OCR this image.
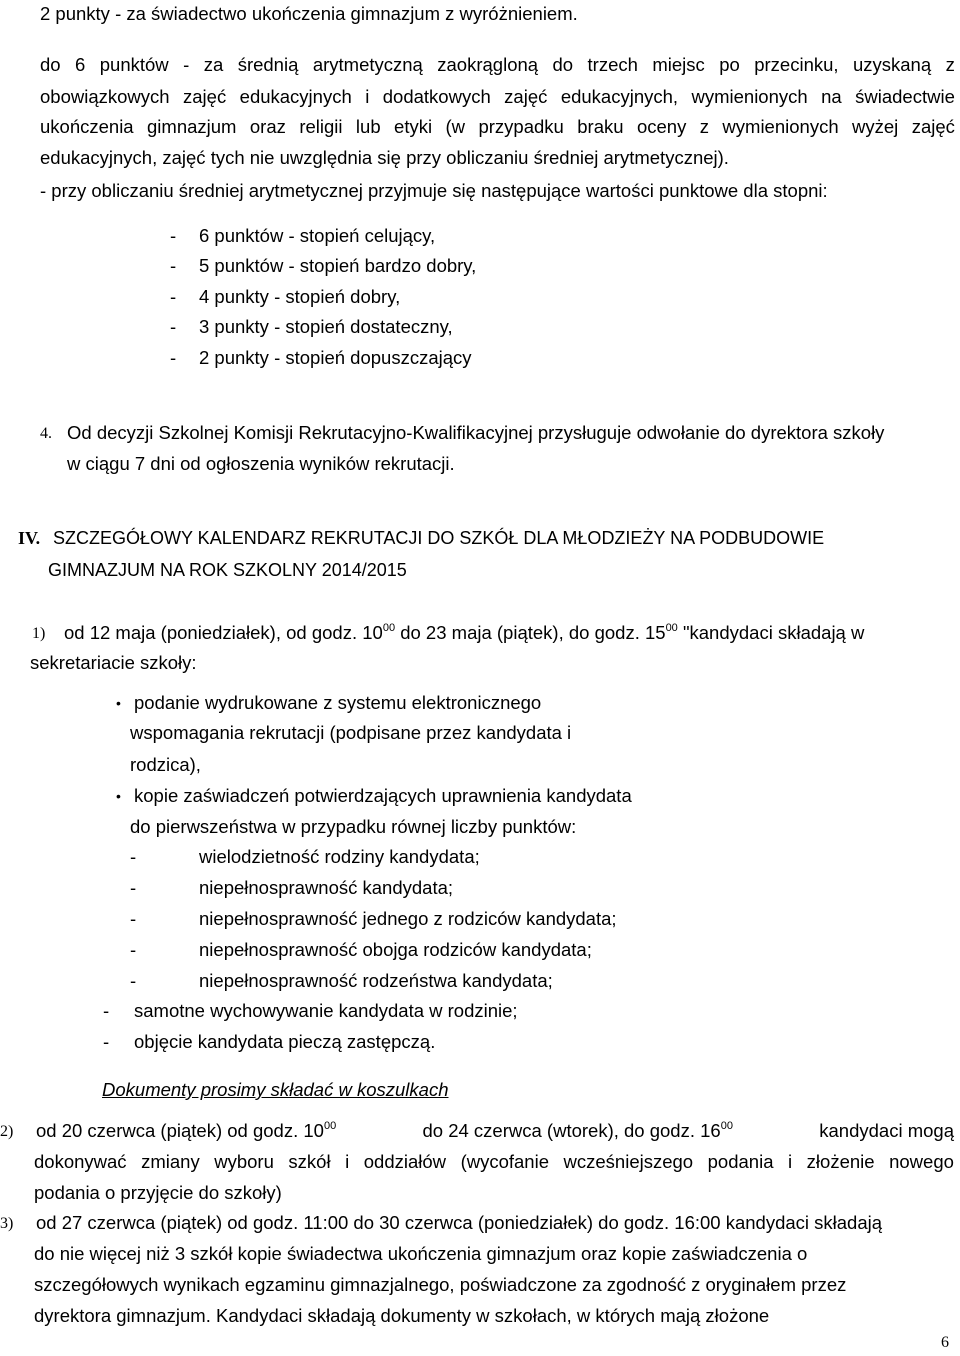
2 punkty - za świadectwo ukończenia gimnazjum z wyróżnieniem.
do 6 punktów - za średnią arytmetyczną zaokrągloną do trzech miejsc po przecinku, uzyskaną z
obowiązkowych zajęć edukacyjnych i dodatkowych zajęć edukacyjnych, wymienionych na świadectwie
ukończenia gimnazjum oraz religii lub etyki (w przypadku braku oceny z wymienionych wyżej zajęć
edukacyjnych, zajęć tych nie uwzględnia się przy obliczaniu średniej arytmetycznej).
- przy obliczaniu średniej arytmetycznej przyjmuje się następujące wartości punktowe dla stopni:
- 6 punktów - stopień celujący,
- 5 punktów - stopień bardzo dobry,
- 4 punkty - stopień dobry,
- 3 punkty - stopień dostateczny,
- 2 punkty - stopień dopuszczający
4. Od decyzji Szkolnej Komisji Rekrutacyjno-Kwalifikacyjnej przysługuje odwołanie do dyrektora szkoły
w ciągu 7 dni od ogłoszenia wyników rekrutacji.
IV. SZCZEGÓŁOWY KALENDARZ REKRUTACJI DO SZKÓŁ DLA MŁODZIEŻY NA PODBUDOWIE
GIMNAZJUM NA ROK SZKOLNY 2014/2015
1) od 12 maja (poniedziałek), od godz. $10^{00}$ do 23 maja (piątek), do godz. $15^{00}$ "kandydaci składają w
sekretariacie szkoły:
• podanie wydrukowane z systemu elektronicznego
wspomagania rekrutacji (podpisane przez kandydata i
rodzica),
• kopie zaświadczeń potwierdzających uprawnienia kandydata
do pierwszeństwa w przypadku równej liczby punktów:
-	wielodzietność rodziny kandydata;
-	niepełnosprawność kandydata;
-	niepełnosprawność jednego z rodziców kandydata;
-	niepełnosprawność obojga rodziców kandydata;
-	niepełnosprawność rodzeństwa kandydata;
- samotne wychowywanie kandydata w rodzinie;
- objęcie kandydata pieczą zastępczą.
Dokumenty prosimy składać w koszulkach
2) od 20 czerwca (piątek) od godz. $10^{00}$	do 24 czerwca (wtorek), do godz. $16^{00}$	kandydaci mogą
dokonywać zmiany wyboru szkół i oddziałów (wycofanie wcześniejszego podania i złożenie nowego
podania o przyjęcie do szkoły)
3) od 27 czerwca (piątek) od godz. 11:00 do 30 czerwca (poniedziałek) do godz. 16:00 kandydaci składają
do nie więcej niż 3 szkół kopie świadectwa ukończenia gimnazjum oraz kopie zaświadczenia o
szczegółowych wynikach egzaminu gimnazjalnego, poświadczone za zgodność z oryginałem przez
dyrektora gimnazjum. Kandydaci składają dokumenty w szkołach, w których mają złożone
6
